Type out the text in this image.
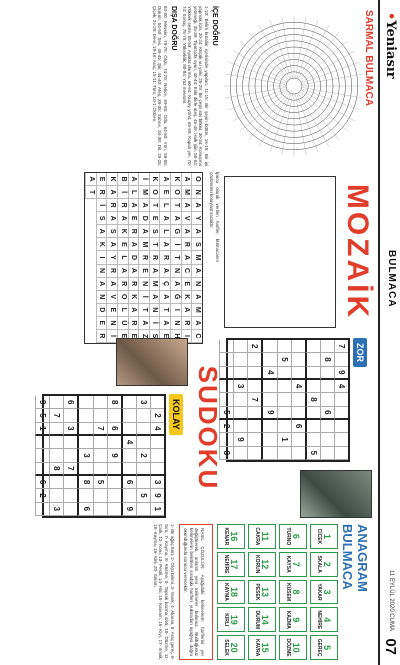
•Yeniasır
BULMACA
11 EYLÜL 2020 CUMA
07
İÇE DOĞRU
1-10: Belirli kurallar içerisinde yapılan, 11-15: Bir şeyin bütün, 16-19: Bir işi yapmak için, 20-24: Küçük su yolu, 25-29: Bir çeşit süs bitkisi, 30-34: Konuşma yeteneği, 35-39: Tiyatroda oyun, 40-44: Eski dilde ateş, 45-49: Halk şiiri, 50-54: Yüksek sesle, 55-59: Ayakta durma, 60-64: Kuzey yönü, 65-69: Kapalı yer, 70-74: Sonuç, 75-79: Yükseklik, 80-84: Yaz mevsimi.
DIŞA DOĞRU
84-80: Mevsim, 79-75: Ölçü, 74-70: Netice, 69-65: Oda, 64-60: Yön, 59-55: Durum, 54-50: Ses, 49-45: Şiir, 44-40: Ateş, 39-35: Sahne, 34-30: Dil, 29-25: Çiçek, 24-20: Dere, 19-16: Araç, 15-11: Tüm, 10-1: Düzen.	SARMAL BULMACA
MOZAİK
İpucu olarak verilen harfler, bulmacanın çözümünü kolaylaştıracaktır.
O
N
A
Y
A
S
M
A
N
A
M
A
C
A
M
A
V
A
R
A
C
E
K
A
R
I
K
O
T
A
G
İ
T
N
A
Ğ
I
N
H
A
E
L
A
L
A
R
A
Ç
A
T
A
E
K
O
T
E
S
T
R
A
M
A
N
İ
S
İ
M
A
D
A
M
R
E
N
İ
T
A
Z
A
L
A
E
R
A
D
A
R
K
A
R
E
B
İ
R
A
K
E
L
A
R
O
L
Ü
E
K
A
R
A
S
A
Y
R
A
V
E
N
İ
E
R
İ
S
A
K
I
N
A
N
D
E
R
A
T
ZOR
7
9
4
8
6
8
5
4
6
5
1
4
9
2
7
3
9
5
2
8
SUDOKU
KOLAY
2
4
3
9
1
3
2
5
4
6
9
8
6
9
7
5
3
8
6
6
3
7
7
8
3
9
5
1
6
2
ANAGRAM BULMACA
1
CİCEK
2
SKALA
3
YAKAR
4
NEHİRE
5
GEREÇ
6
TURNO
7
KAYSA
8
KÜSEM
9
KAZMA
10
DÖZME
11
CAKRA
12
KORUN
13
PESEK
14
DURUM
15
KAVRA
16
KENAR
17
NEHİRE
18
KAYMA
19
KIRLI
20
SELEK
NASIL ÇÖZÜLÜR: Aşağıdaki kelimelerin harflerini yer değiştirerek, anlamlı yeni kelimeler bulunuz. Bulduğunuz kelimelerin belirtilen sıradaki harfleri, yukarıdan aşağıya doğru okunduğunda sonucu verecektir.
1- Bir ağaç türü, 2- Ölçü birimi, 3- Yanık, 4- Akarsu, 5- Araç gereç, 6- Sıra, 7- Kayma, 8- Küsme, 9- Toprak kazma aleti, 10- Düzme, 11- Çark, 12- Koru, 13- Pestil, 14- Hal, 15- Kavram, 16- Kıyı, 17- Irmak, 18- Kayma, 19- Kirli, 20- Selam.
